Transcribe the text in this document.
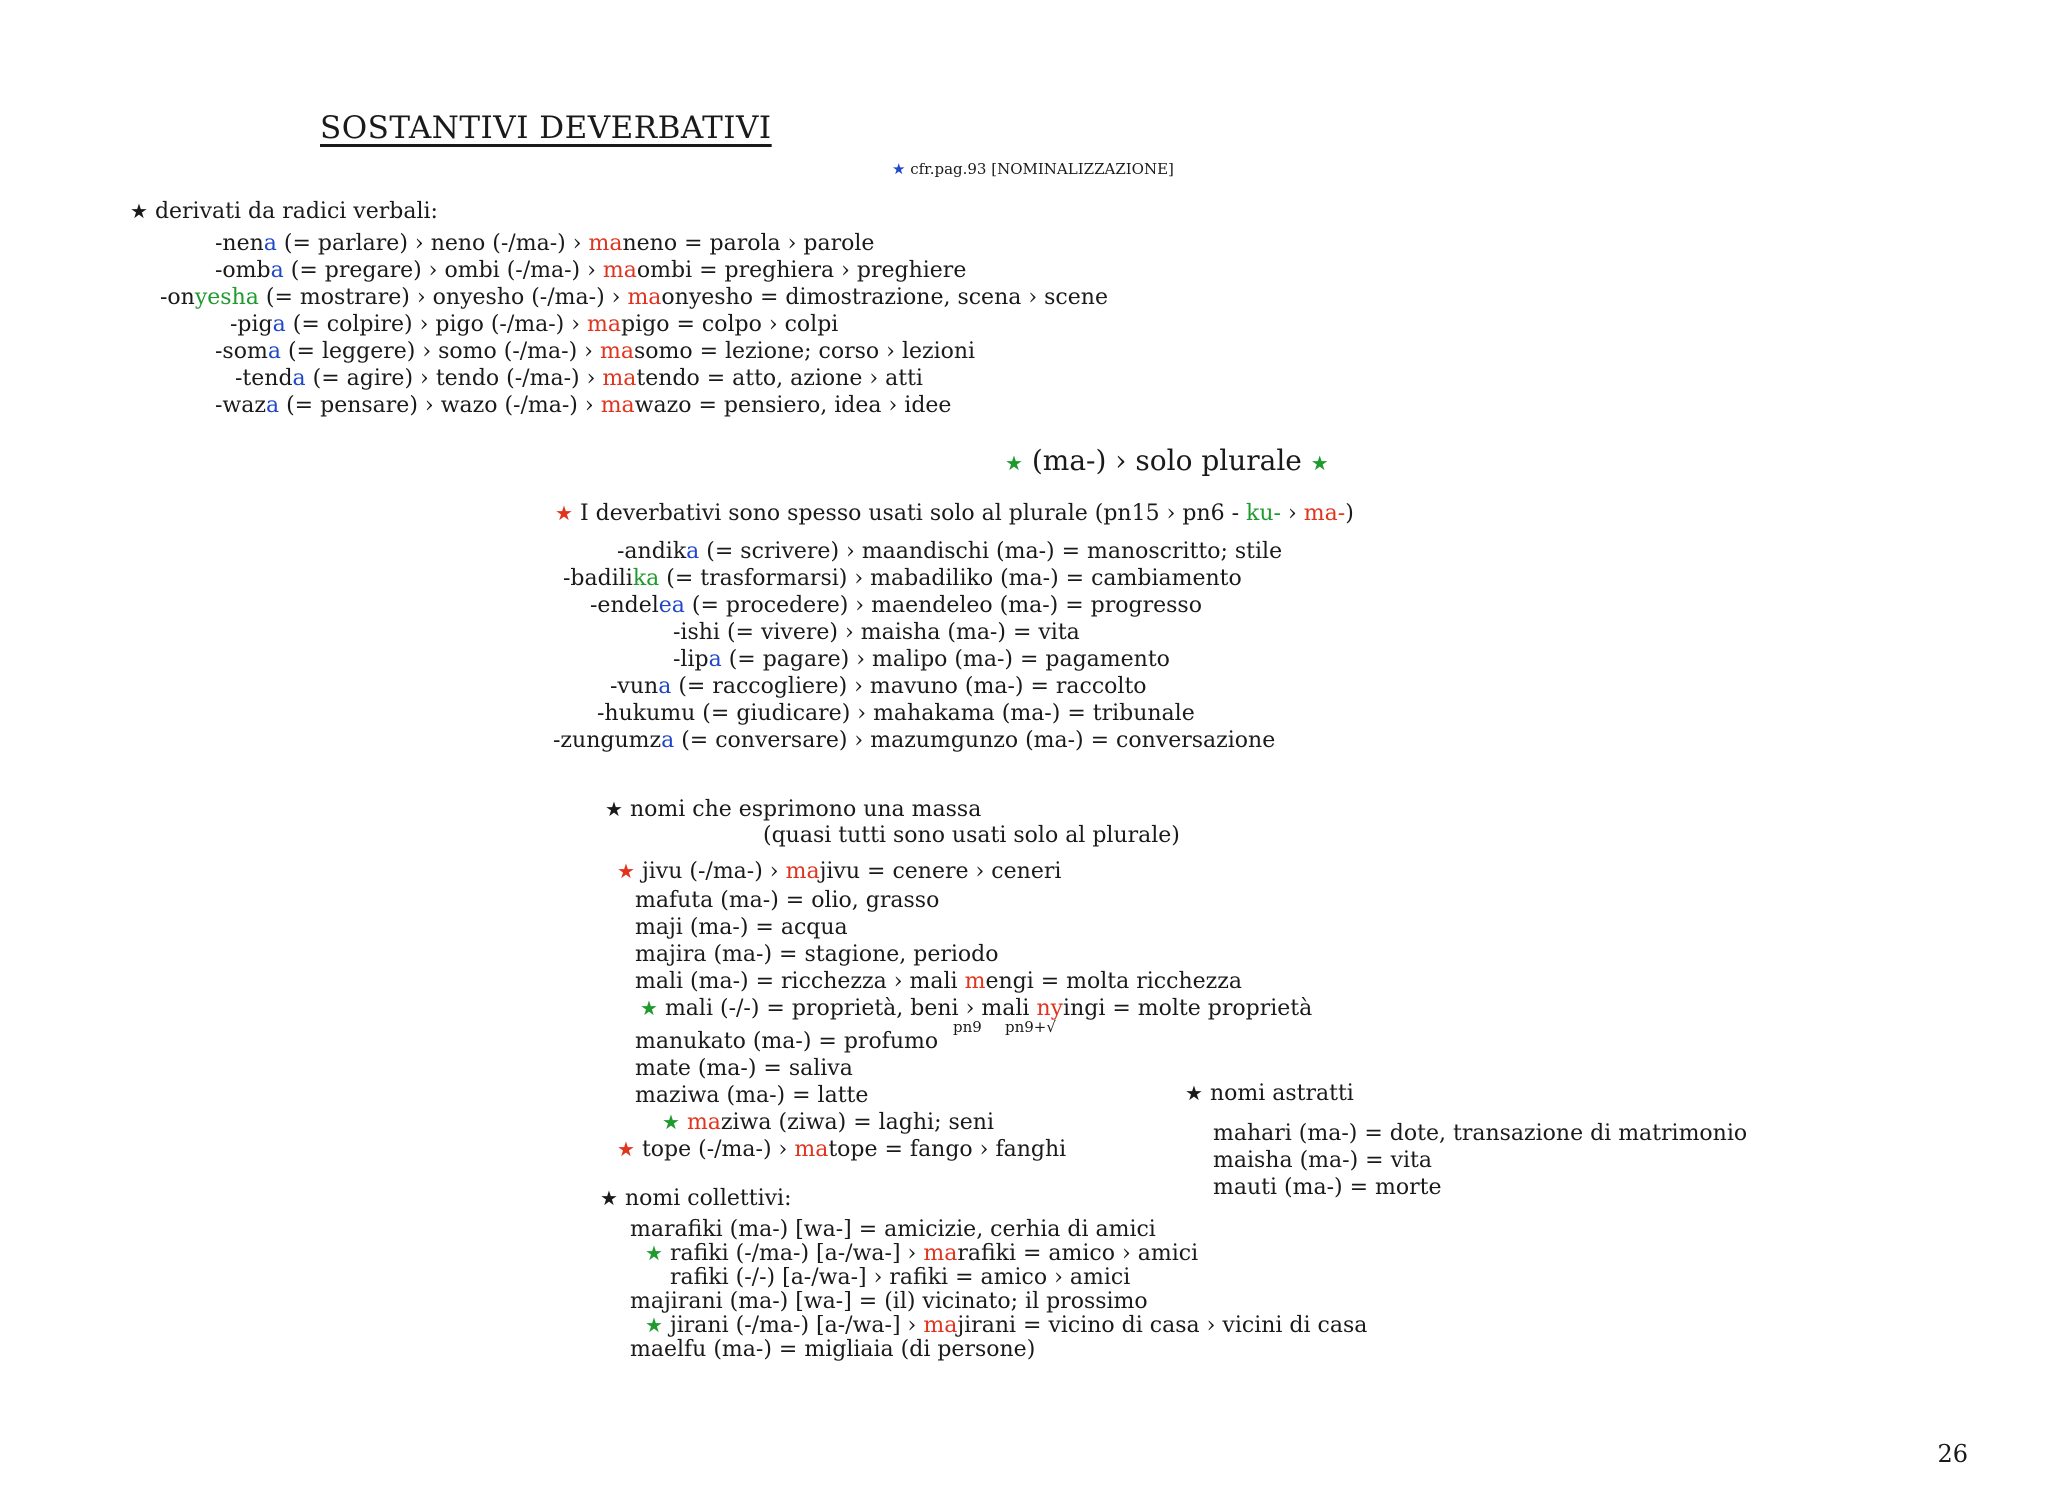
SOSTANTIVI DEVERBATIVI
★ cfr.pag.93 [NOMINALIZZAZIONE]
★ derivati da radici verbali:
-nena (= parlare) › neno (-/ma-) › maneno = parola › parole
-omba (= pregare) › ombi (-/ma-) › maombi = preghiera › preghiere
-onyesha (= mostrare) › onyesho (-/ma-) › maonyesho = dimostrazione, scena › scene
-piga (= colpire) › pigo (-/ma-) › mapigo = colpo › colpi
-soma (= leggere) › somo (-/ma-) › masomo = lezione; corso › lezioni
-tenda (= agire) › tendo (-/ma-) › matendo = atto, azione › atti
-waza (= pensare) › wazo (-/ma-) › mawazo = pensiero, idea › idee
★ (ma-) › solo plurale ★
★ I deverbativi sono spesso usati solo al plurale (pn15 › pn6 - ku- › ma-)
-andika (= scrivere) › maandischi (ma-) = manoscritto; stile
-badilika (= trasformarsi) › mabadiliko (ma-) = cambiamento
-endelea (= procedere) › maendeleo (ma-) = progresso
-ishi (= vivere) › maisha (ma-) = vita
-lipa (= pagare) › malipo (ma-) = pagamento
-vuna (= raccogliere) › mavuno (ma-) = raccolto
-hukumu (= giudicare) › mahakama (ma-) = tribunale
-zungumza (= conversare) › mazumgunzo (ma-) = conversazione
★ nomi che esprimono una massa
(quasi tutti sono usati solo al plurale)
★ jivu (-/ma-) › majivu = cenere › ceneri
mafuta (ma-) = olio, grasso
maji (ma-) = acqua
majira (ma-) = stagione, periodo
mali (ma-) = ricchezza › mali mengi = molta ricchezza
★ mali (-/-) = proprietà, beni › mali nyingi = molte proprietà
pn9 pn9+√
manukato (ma-) = profumo
mate (ma-) = saliva
maziwa (ma-) = latte
★ maziwa (ziwa) = laghi; seni
★ tope (-/ma-) › matope = fango › fanghi
★ nomi collettivi:
marafiki (ma-) [wa-] = amicizie, cerhia di amici
★ rafiki (-/ma-) [a-/wa-] › marafiki = amico › amici
rafiki (-/-) [a-/wa-] › rafiki = amico › amici
majirani (ma-) [wa-] = (il) vicinato; il prossimo
★ jirani (-/ma-) [a-/wa-] › majirani = vicino di casa › vicini di casa
maelfu (ma-) = migliaia (di persone)
★ nomi astratti
mahari (ma-) = dote, transazione di matrimonio
maisha (ma-) = vita
mauti (ma-) = morte
26
